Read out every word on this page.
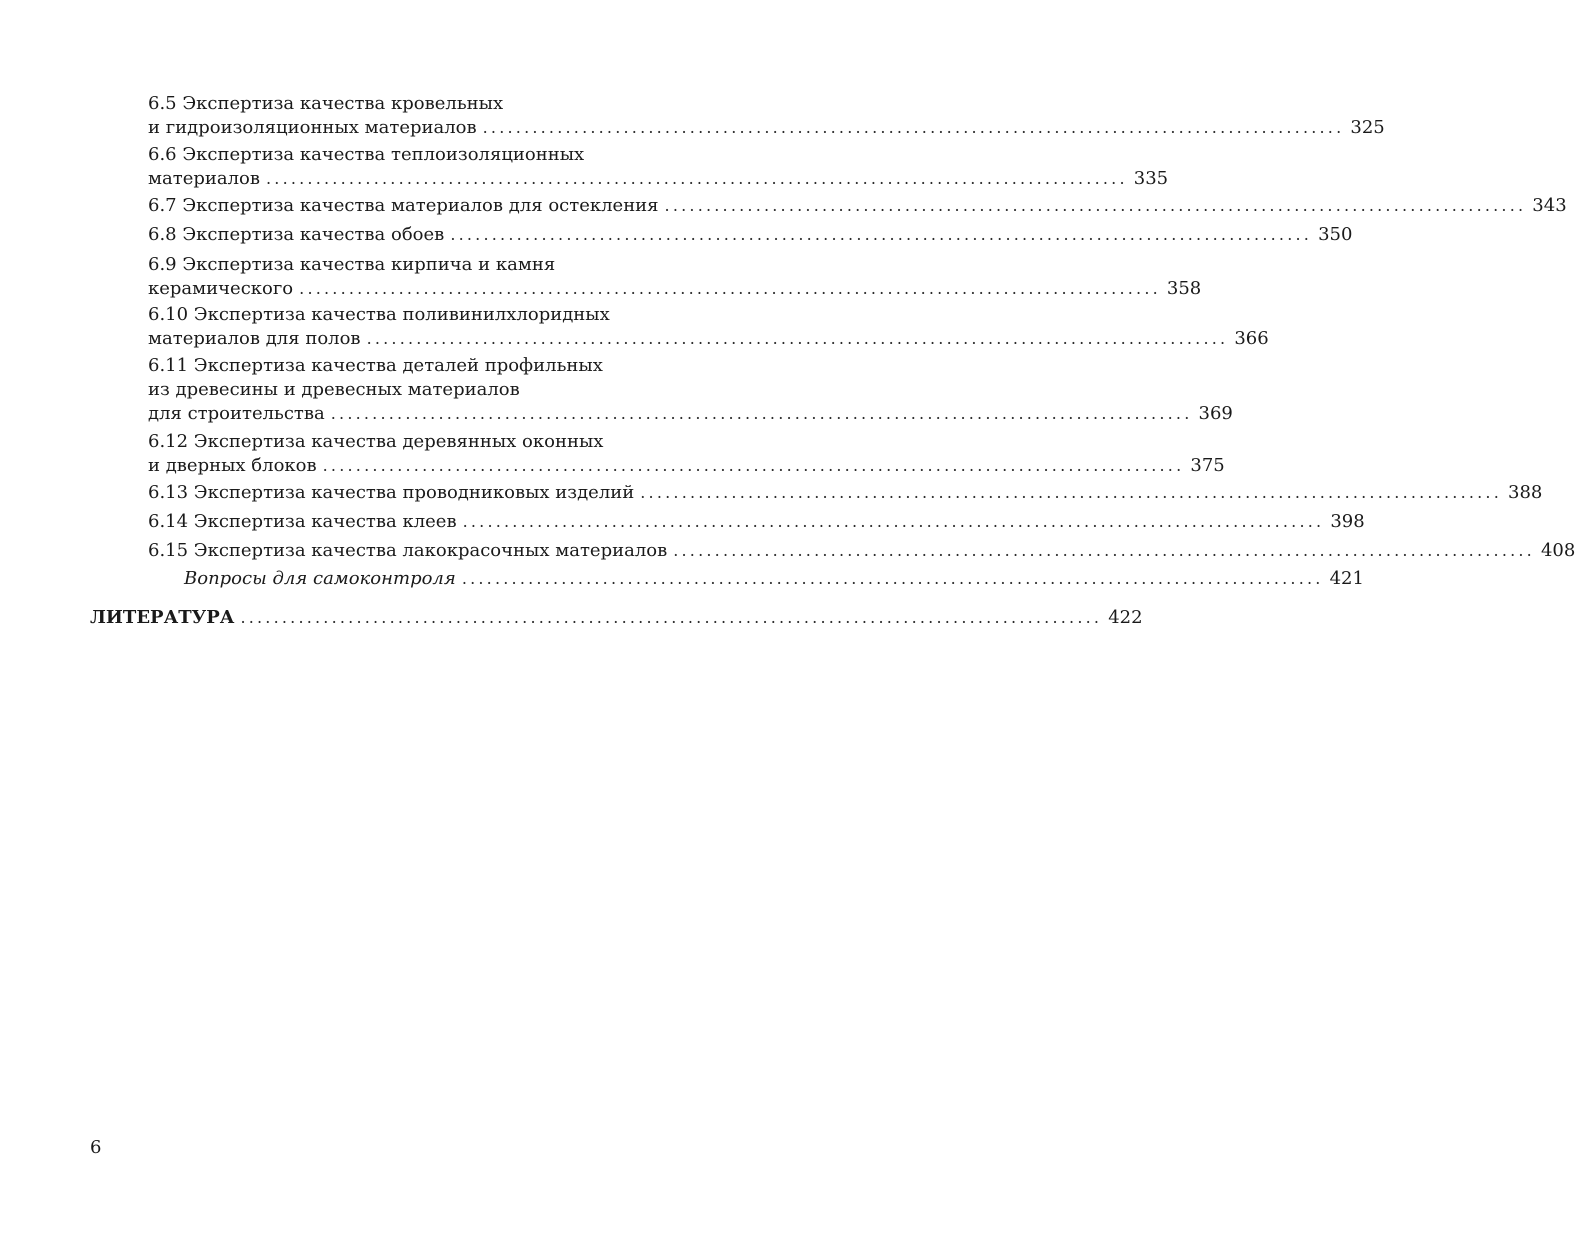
6.5 Экспертиза качества кровельных
и гидроизоляционных материалов ........................................................................................................ 325
6.6 Экспертиза качества теплоизоляционных
материалов ........................................................................................................ 335
6.7 Экспертиза качества материалов для остекления ........................................................................................................ 343
6.8 Экспертиза качества обоев ........................................................................................................ 350
6.9 Экспертиза качества кирпича и камня
керамического ........................................................................................................ 358
6.10 Экспертиза качества поливинилхлоридных
материалов для полов ........................................................................................................ 366
6.11 Экспертиза качества деталей профильных
из древесины и древесных материалов
для строительства ........................................................................................................ 369
6.12 Экспертиза качества деревянных оконных
и дверных блоков ........................................................................................................ 375
6.13 Экспертиза качества проводниковых изделий ........................................................................................................ 388
6.14 Экспертиза качества клеев ........................................................................................................ 398
6.15 Экспертиза качества лакокрасочных материалов ........................................................................................................ 408
Вопросы для самоконтроля ........................................................................................................ 421
ЛИТЕРАТУРА ........................................................................................................ 422
6
